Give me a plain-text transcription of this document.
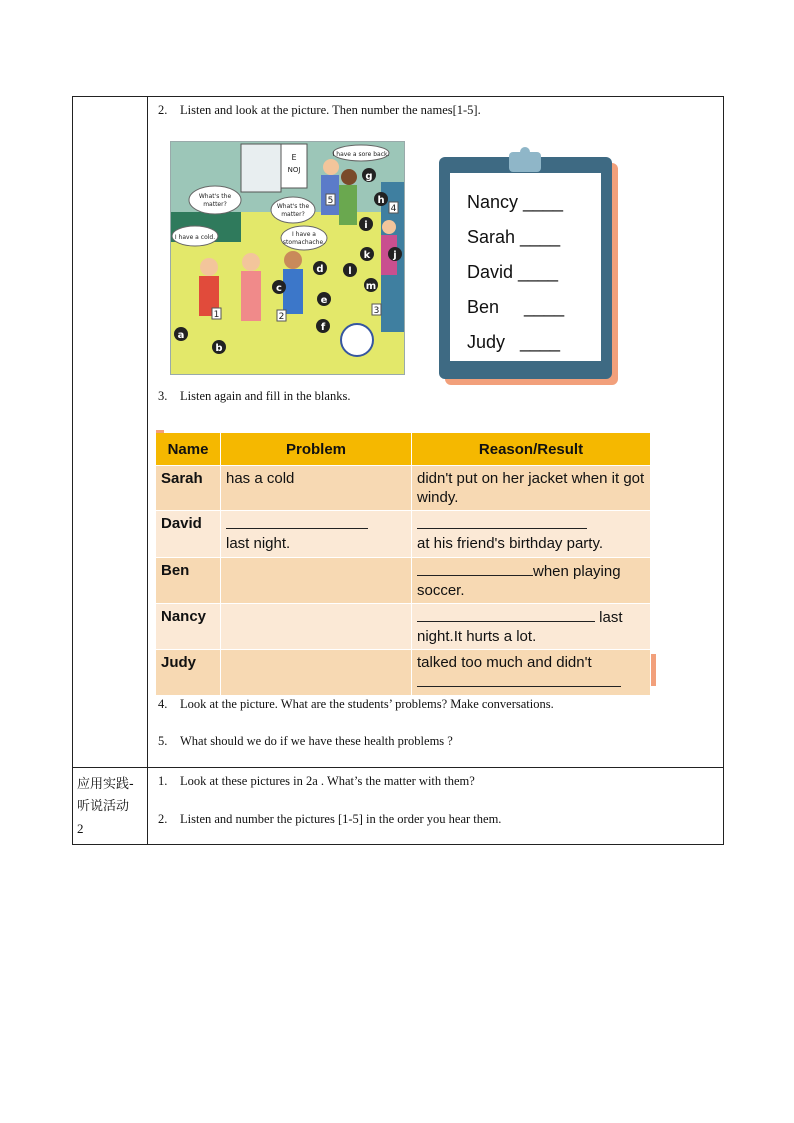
2. Listen and look at the picture. Then number the names[1-5].
E
NOJ
What's the
matter?	What's the
matter?
I have a cold.	I have a
stomachache.
I have a sore back.
a
b
c
d
e
f
g
h
i
j
k
l
m
1	2
3
4
5	Nancy ____
Sarah ____
David ____
Ben     ____
Judy   ____
3. Listen again and fill in the blanks.
Name	Problem	Reason/Result
Sarah	has a cold	didn't put on her jacket when it got windy.
David	last night.	at his friend's birthday party.
Ben		when playing
soccer.
Nancy		last
night.It hurts a lot.
Judy		talked too much and didn't

4. Look at the picture. What are the students’ problems? Make conversations.
5. What should we do if we have these health problems ?
应用实践-
听说活动
2
1. Look at these pictures in 2a . What’s the matter with them?
2. Listen and number the pictures [1-5] in the order you hear them.
